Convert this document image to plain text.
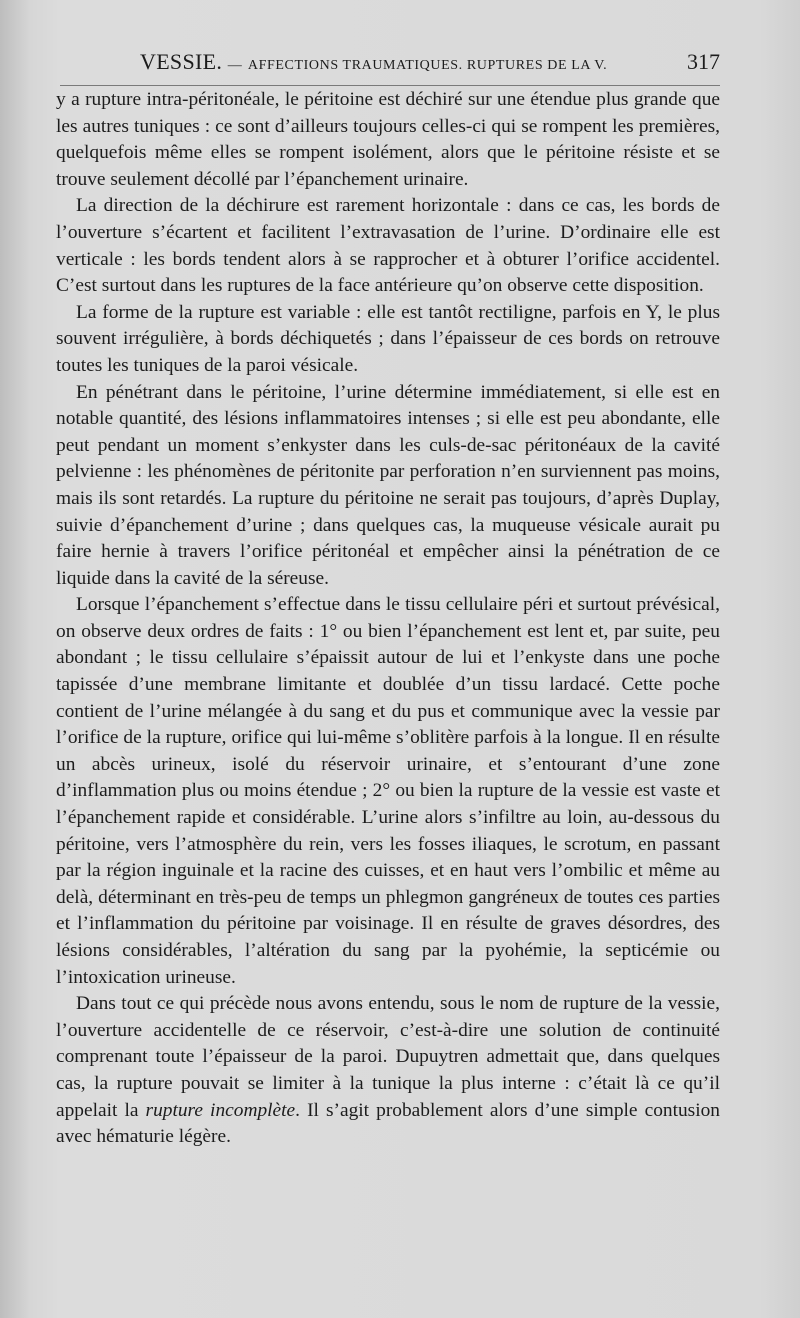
VESSIE. — AFFECTIONS TRAUMATIQUES. RUPTURES DE LA V.	317

y a rupture intra-péritonéale, le péritoine est déchiré sur une étendue plus grande que les autres tuniques : ce sont d’ailleurs toujours celles-ci qui se rompent les premières, quelquefois même elles se rompent isolément, alors que le péritoine résiste et se trouve seulement décollé par l’épanchement urinaire.

La direction de la déchirure est rarement horizontale : dans ce cas, les bords de l’ouverture s’écartent et facilitent l’extravasation de l’urine. D’ordinaire elle est verticale : les bords tendent alors à se rapprocher et à obturer l’orifice accidentel. C’est surtout dans les ruptures de la face antérieure qu’on observe cette disposition.

La forme de la rupture est variable : elle est tantôt rectiligne, parfois en Y, le plus souvent irrégulière, à bords déchiquetés ; dans l’épaisseur de ces bords on retrouve toutes les tuniques de la paroi vésicale.

En pénétrant dans le péritoine, l’urine détermine immédiatement, si elle est en notable quantité, des lésions inflammatoires intenses ; si elle est peu abondante, elle peut pendant un moment s’enkyster dans les culs-de-sac péritonéaux de la cavité pelvienne : les phénomènes de péritonite par perforation n’en surviennent pas moins, mais ils sont retardés. La rupture du péritoine ne serait pas toujours, d’après Duplay, suivie d’épanchement d’urine ; dans quelques cas, la muqueuse vésicale aurait pu faire hernie à travers l’orifice péritonéal et empêcher ainsi la pénétration de ce liquide dans la cavité de la séreuse.

Lorsque l’épanchement s’effectue dans le tissu cellulaire péri et surtout prévésical, on observe deux ordres de faits : 1° ou bien l’épanchement est lent et, par suite, peu abondant ; le tissu cellulaire s’épaissit autour de lui et l’enkyste dans une poche tapissée d’une membrane limitante et doublée d’un tissu lardacé. Cette poche contient de l’urine mélangée à du sang et du pus et communique avec la vessie par l’orifice de la rupture, orifice qui lui-même s’oblitère parfois à la longue. Il en résulte un abcès urineux, isolé du réservoir urinaire, et s’entourant d’une zone d’inflammation plus ou moins étendue ; 2° ou bien la rupture de la vessie est vaste et l’épanchement rapide et considérable. L’urine alors s’infiltre au loin, au-dessous du péritoine, vers l’atmosphère du rein, vers les fosses iliaques, le scrotum, en passant par la région inguinale et la racine des cuisses, et en haut vers l’ombilic et même au delà, déterminant en très-peu de temps un phlegmon gangréneux de toutes ces parties et l’inflammation du péritoine par voisinage. Il en résulte de graves désordres, des lésions considérables, l’altération du sang par la pyohémie, la septicémie ou l’intoxication urineuse.

Dans tout ce qui précède nous avons entendu, sous le nom de rupture de la vessie, l’ouverture accidentelle de ce réservoir, c’est-à-dire une solution de continuité comprenant toute l’épaisseur de la paroi. Dupuytren admettait que, dans quelques cas, la rupture pouvait se limiter à la tunique la plus interne : c’était là ce qu’il appelait la rupture incomplète. Il s’agit probablement alors d’une simple contusion avec hématurie légère.
